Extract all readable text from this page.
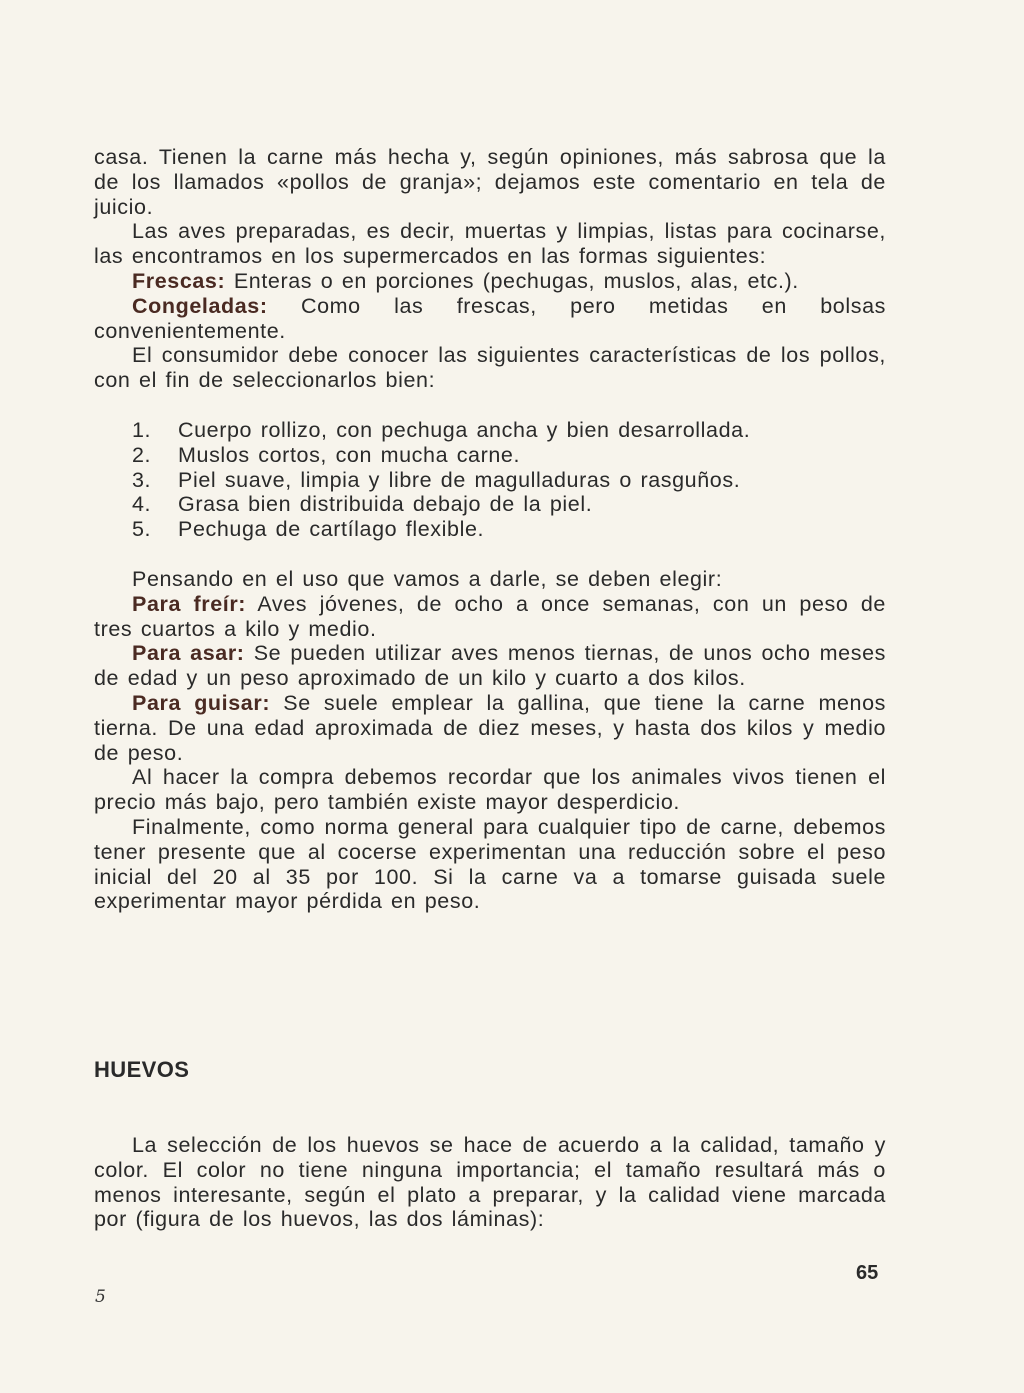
casa. Tienen la carne más hecha y, según opiniones, más sabrosa que la de los llamados «pollos de granja»; dejamos este comentario en tela de juicio.

Las aves preparadas, es decir, muertas y limpias, listas para cocinarse, las encontramos en los supermercados en las formas siguientes:

Frescas: Enteras o en porciones (pechugas, muslos, alas, etc.).

Congeladas: Como las frescas, pero metidas en bolsas convenientemente.

El consumidor debe conocer las siguientes características de los pollos, con el fin de seleccionarlos bien:

1.	Cuerpo rollizo, con pechuga ancha y bien desarrollada.
2.	Muslos cortos, con mucha carne.
3.	Piel suave, limpia y libre de magulladuras o rasguños.
4.	Grasa bien distribuida debajo de la piel.
5.	Pechuga de cartílago flexible.

Pensando en el uso que vamos a darle, se deben elegir:

Para freír: Aves jóvenes, de ocho a once semanas, con un peso de tres cuartos a kilo y medio.

Para asar: Se pueden utilizar aves menos tiernas, de unos ocho meses de edad y un peso aproximado de un kilo y cuarto a dos kilos.

Para guisar: Se suele emplear la gallina, que tiene la carne menos tierna. De una edad aproximada de diez meses, y hasta dos kilos y medio de peso.

Al hacer la compra debemos recordar que los animales vivos tienen el precio más bajo, pero también existe mayor desperdicio.

Finalmente, como norma general para cualquier tipo de carne, debemos tener presente que al cocerse experimentan una reducción sobre el peso inicial del 20 al 35 por 100. Si la carne va a tomarse guisada suele experimentar mayor pérdida en peso.

HUEVOS

La selección de los huevos se hace de acuerdo a la calidad, tamaño y color. El color no tiene ninguna importancia; el tamaño resultará más o menos interesante, según el plato a preparar, y la calidad viene marcada por (figura de los huevos, las dos láminas):

65
5
